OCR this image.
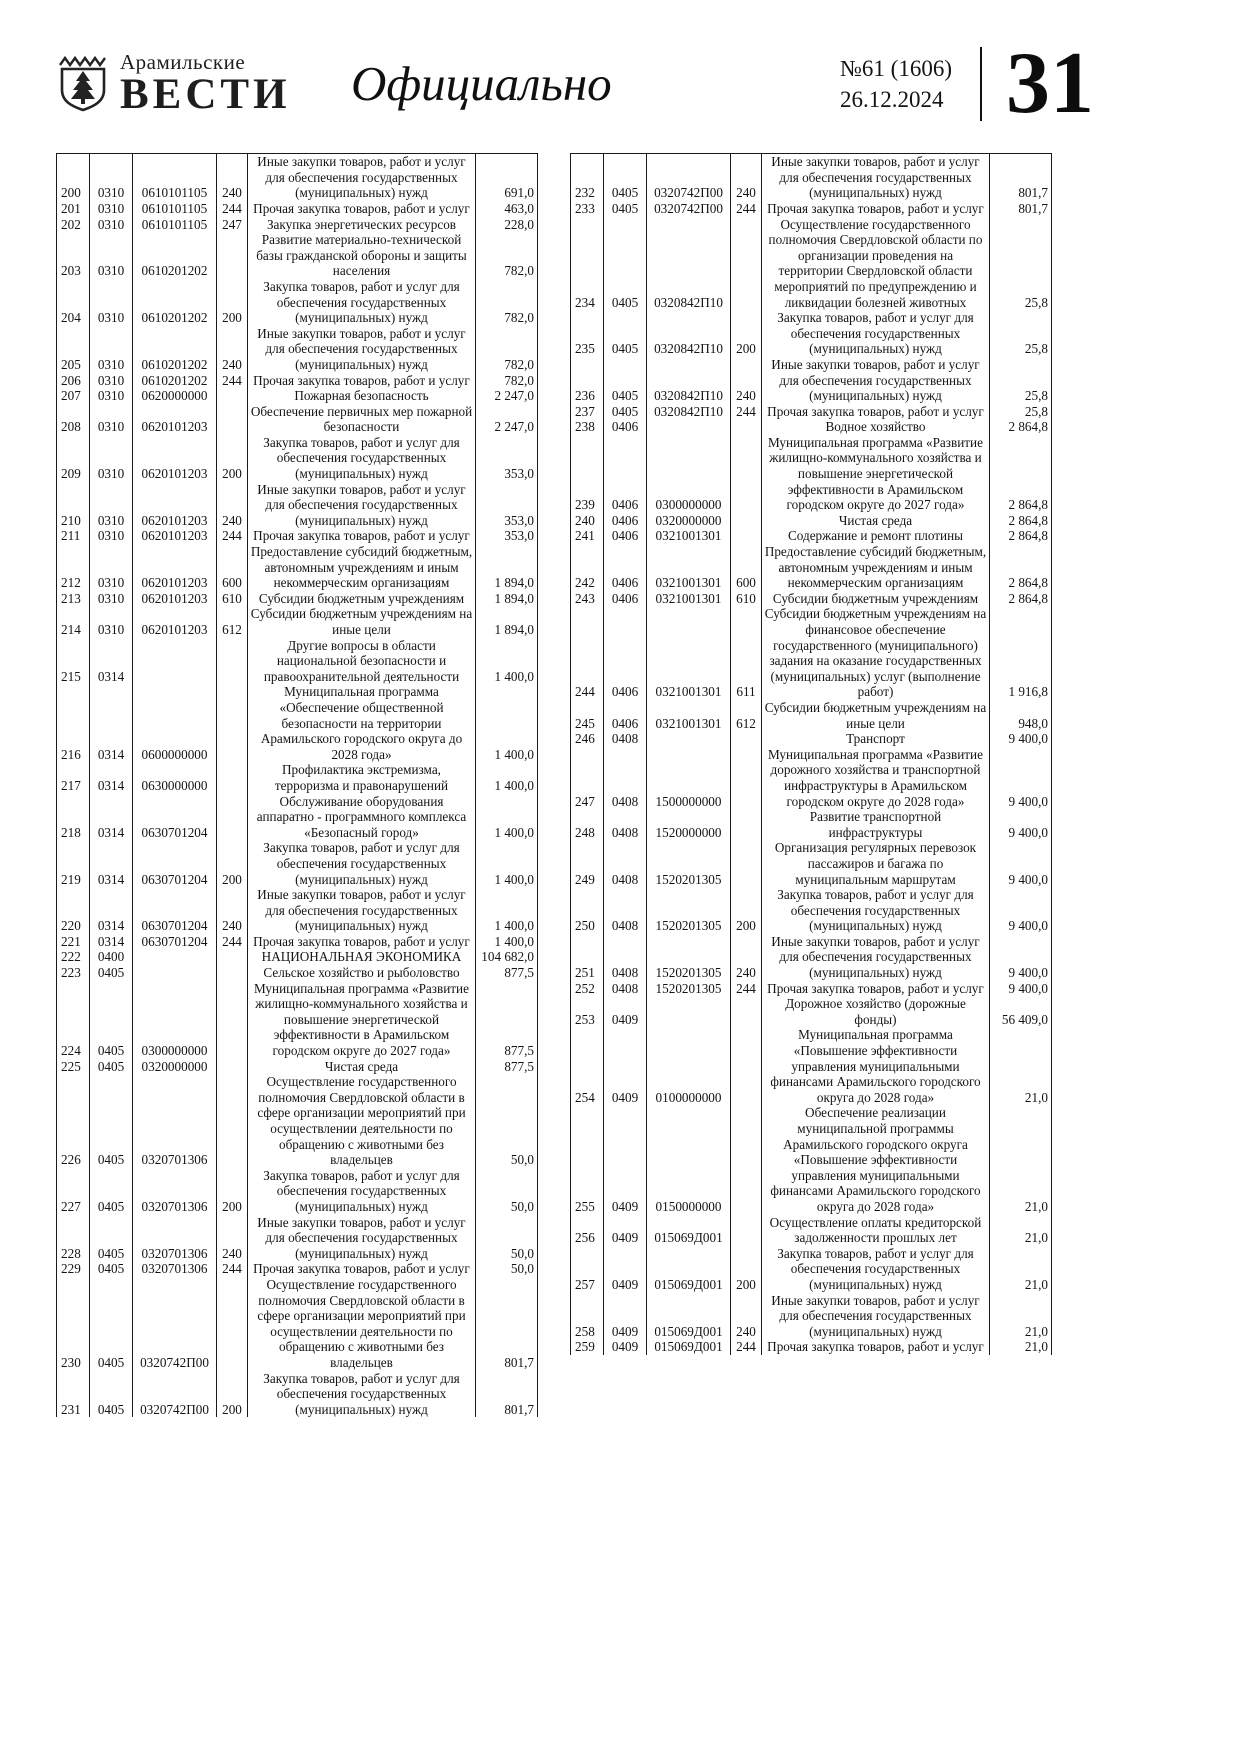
Арамильские
ВЕСТИ Официально	№61 (1606)
26.12.2024 31
200	0310	0610101105	240	Иные закупки товаров, работ и услуг для обеспечения государственных (муниципальных) нужд	691,0
201	0310	0610101105	244	Прочая закупка товаров, работ и услуг	463,0
202	0310	0610101105	247	Закупка энергетических ресурсов	228,0
203	0310	0610201202		Развитие материально-технической базы гражданской обороны и защиты населения	782,0
204	0310	0610201202	200	Закупка товаров, работ и услуг для обеспечения государственных (муниципальных) нужд	782,0
205	0310	0610201202	240	Иные закупки товаров, работ и услуг для обеспечения государственных (муниципальных) нужд	782,0
206	0310	0610201202	244	Прочая закупка товаров, работ и услуг	782,0
207	0310	0620000000		Пожарная безопасность	2 247,0
208	0310	0620101203		Обеспечение первичных мер пожарной безопасности	2 247,0
209	0310	0620101203	200	Закупка товаров, работ и услуг для обеспечения государственных (муниципальных) нужд	353,0
210	0310	0620101203	240	Иные закупки товаров, работ и услуг для обеспечения государственных (муниципальных) нужд	353,0
211	0310	0620101203	244	Прочая закупка товаров, работ и услуг	353,0
212	0310	0620101203	600	Предоставление субсидий бюджетным, автономным учреждениям и иным некоммерческим организациям	1 894,0
213	0310	0620101203	610	Субсидии бюджетным учреждениям	1 894,0
214	0310	0620101203	612	Субсидии бюджетным учреждениям на иные цели	1 894,0
215	0314			Другие вопросы в области национальной безопасности и правоохранительной деятельности	1 400,0
216	0314	0600000000		Муниципальная программа «Обеспечение общественной безопасности на территории Арамильского городского округа до 2028 года»	1 400,0
217	0314	0630000000		Профилактика экстремизма, терроризма и правонарушений	1 400,0
218	0314	0630701204		Обслуживание оборудования аппаратно - программного комплекса «Безопасный город»	1 400,0
219	0314	0630701204	200	Закупка товаров, работ и услуг для обеспечения государственных (муниципальных) нужд	1 400,0
220	0314	0630701204	240	Иные закупки товаров, работ и услуг для обеспечения государственных (муниципальных) нужд	1 400,0
221	0314	0630701204	244	Прочая закупка товаров, работ и услуг	1 400,0
222	0400			НАЦИОНАЛЬНАЯ ЭКОНОМИКА	104 682,0
223	0405			Сельское хозяйство и рыболовство	877,5
224	0405	0300000000		Муниципальная программа «Развитие жилищно-коммунального хозяйства и повышение энергетической эффективности в Арамильском городском округе до 2027 года»	877,5
225	0405	0320000000		Чистая среда	877,5
226	0405	0320701306		Осуществление государственного полномочия Свердловской области в сфере организации мероприятий при осуществлении деятельности по обращению с животными без владельцев	50,0
227	0405	0320701306	200	Закупка товаров, работ и услуг для обеспечения государственных (муниципальных) нужд	50,0
228	0405	0320701306	240	Иные закупки товаров, работ и услуг для обеспечения государственных (муниципальных) нужд	50,0
229	0405	0320701306	244	Прочая закупка товаров, работ и услуг	50,0
230	0405	0320742П00		Осуществление государственного полномочия Свердловской области в сфере организации мероприятий при осуществлении деятельности по обращению с животными без владельцев	801,7
231	0405	0320742П00	200	Закупка товаров, работ и услуг для обеспечения государственных (муниципальных) нужд	801,7
232	0405	0320742П00	240	Иные закупки товаров, работ и услуг для обеспечения государственных (муниципальных) нужд	801,7
233	0405	0320742П00	244	Прочая закупка товаров, работ и услуг	801,7
234	0405	0320842П10		Осуществление государственного полномочия Свердловской области по организации проведения на территории Свердловской области мероприятий по предупреждению и ликвидации болезней животных	25,8
235	0405	0320842П10	200	Закупка товаров, работ и услуг для обеспечения государственных (муниципальных) нужд	25,8
236	0405	0320842П10	240	Иные закупки товаров, работ и услуг для обеспечения государственных (муниципальных) нужд	25,8
237	0405	0320842П10	244	Прочая закупка товаров, работ и услуг	25,8
238	0406			Водное хозяйство	2 864,8
239	0406	0300000000		Муниципальная программа «Развитие жилищно-коммунального хозяйства и повышение энергетической эффективности в Арамильском городском округе до 2027 года»	2 864,8
240	0406	0320000000		Чистая среда	2 864,8
241	0406	0321001301		Содержание и ремонт плотины	2 864,8
242	0406	0321001301	600	Предоставление субсидий бюджетным, автономным учреждениям и иным некоммерческим организациям	2 864,8
243	0406	0321001301	610	Субсидии бюджетным учреждениям	2 864,8
244	0406	0321001301	611	Субсидии бюджетным учреждениям на финансовое обеспечение государственного (муниципального) задания на оказание государственных (муниципальных) услуг (выполнение работ)	1 916,8
245	0406	0321001301	612	Субсидии бюджетным учреждениям на иные цели	948,0
246	0408			Транспорт	9 400,0
247	0408	1500000000		Муниципальная программа «Развитие дорожного хозяйства и транспортной инфраструктуры в Арамильском городском округе до 2028 года»	9 400,0
248	0408	1520000000		Развитие транспортной инфраструктуры	9 400,0
249	0408	1520201305		Организация регулярных перевозок пассажиров и багажа по муниципальным маршрутам	9 400,0
250	0408	1520201305	200	Закупка товаров, работ и услуг для обеспечения государственных (муниципальных) нужд	9 400,0
251	0408	1520201305	240	Иные закупки товаров, работ и услуг для обеспечения государственных (муниципальных) нужд	9 400,0
252	0408	1520201305	244	Прочая закупка товаров, работ и услуг	9 400,0
253	0409			Дорожное хозяйство (дорожные фонды)	56 409,0
254	0409	0100000000		Муниципальная программа «Повышение эффективности управления муниципальными финансами Арамильского городского округа до 2028 года»	21,0
255	0409	0150000000		Обеспечение реализации муниципальной программы Арамильского городского округа «Повышение эффективности управления муниципальными финансами Арамильского городского округа до 2028 года»	21,0
256	0409	015069Д001		Осуществление оплаты кредиторской задолженности прошлых лет	21,0
257	0409	015069Д001	200	Закупка товаров, работ и услуг для обеспечения государственных (муниципальных) нужд	21,0
258	0409	015069Д001	240	Иные закупки товаров, работ и услуг для обеспечения государственных (муниципальных) нужд	21,0
259	0409	015069Д001	244	Прочая закупка товаров, работ и услуг	21,0
